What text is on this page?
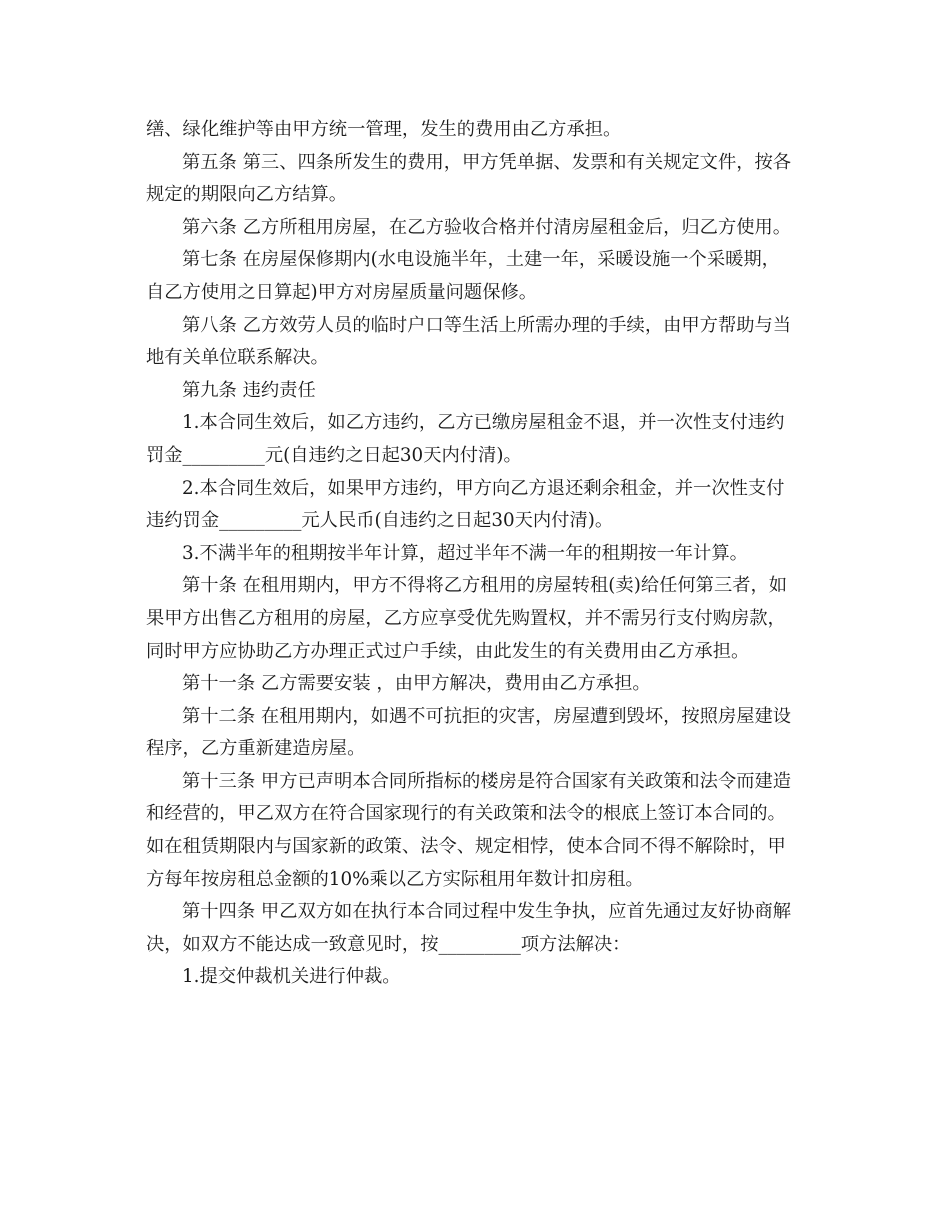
缮、绿化维护等由甲方统一管理，发生的费用由乙方承担。

第五条 第三、四条所发生的费用，甲方凭单据、发票和有关规定文件，按各

规定的期限向乙方结算。

第六条 乙方所租用房屋，在乙方验收合格并付清房屋租金后，归乙方使用。

第七条 在房屋保修期内(水电设施半年，土建一年，采暖设施一个采暖期，

自乙方使用之日算起)甲方对房屋质量问题保修。

第八条 乙方效劳人员的临时户口等生活上所需办理的手续，由甲方帮助与当

地有关单位联系解决。

第九条 违约责任

1.本合同生效后，如乙方违约，乙方已缴房屋租金不退，并一次性支付违约

罚金_________元(自违约之日起30天内付清)。

2.本合同生效后，如果甲方违约，甲方向乙方退还剩余租金，并一次性支付

违约罚金_________元人民币(自违约之日起30天内付清)。

3.不满半年的租期按半年计算，超过半年不满一年的租期按一年计算。

第十条 在租用期内，甲方不得将乙方租用的房屋转租(卖)给任何第三者，如

果甲方出售乙方租用的房屋，乙方应享受优先购置权，并不需另行支付购房款，

同时甲方应协助乙方办理正式过户手续，由此发生的有关费用由乙方承担。

第十一条 乙方需要安装 ，由甲方解决，费用由乙方承担。

第十二条 在租用期内，如遇不可抗拒的灾害，房屋遭到毁坏，按照房屋建设

程序，乙方重新建造房屋。

第十三条 甲方已声明本合同所指标的楼房是符合国家有关政策和法令而建造

和经营的，甲乙双方在符合国家现行的有关政策和法令的根底上签订本合同的。

如在租赁期限内与国家新的政策、法令、规定相悖，使本合同不得不解除时，甲

方每年按房租总金额的10%乘以乙方实际租用年数计扣房租。

第十四条 甲乙双方如在执行本合同过程中发生争执，应首先通过友好协商解

决，如双方不能达成一致意见时，按_________项方法解决：

1.提交仲裁机关进行仲裁。
